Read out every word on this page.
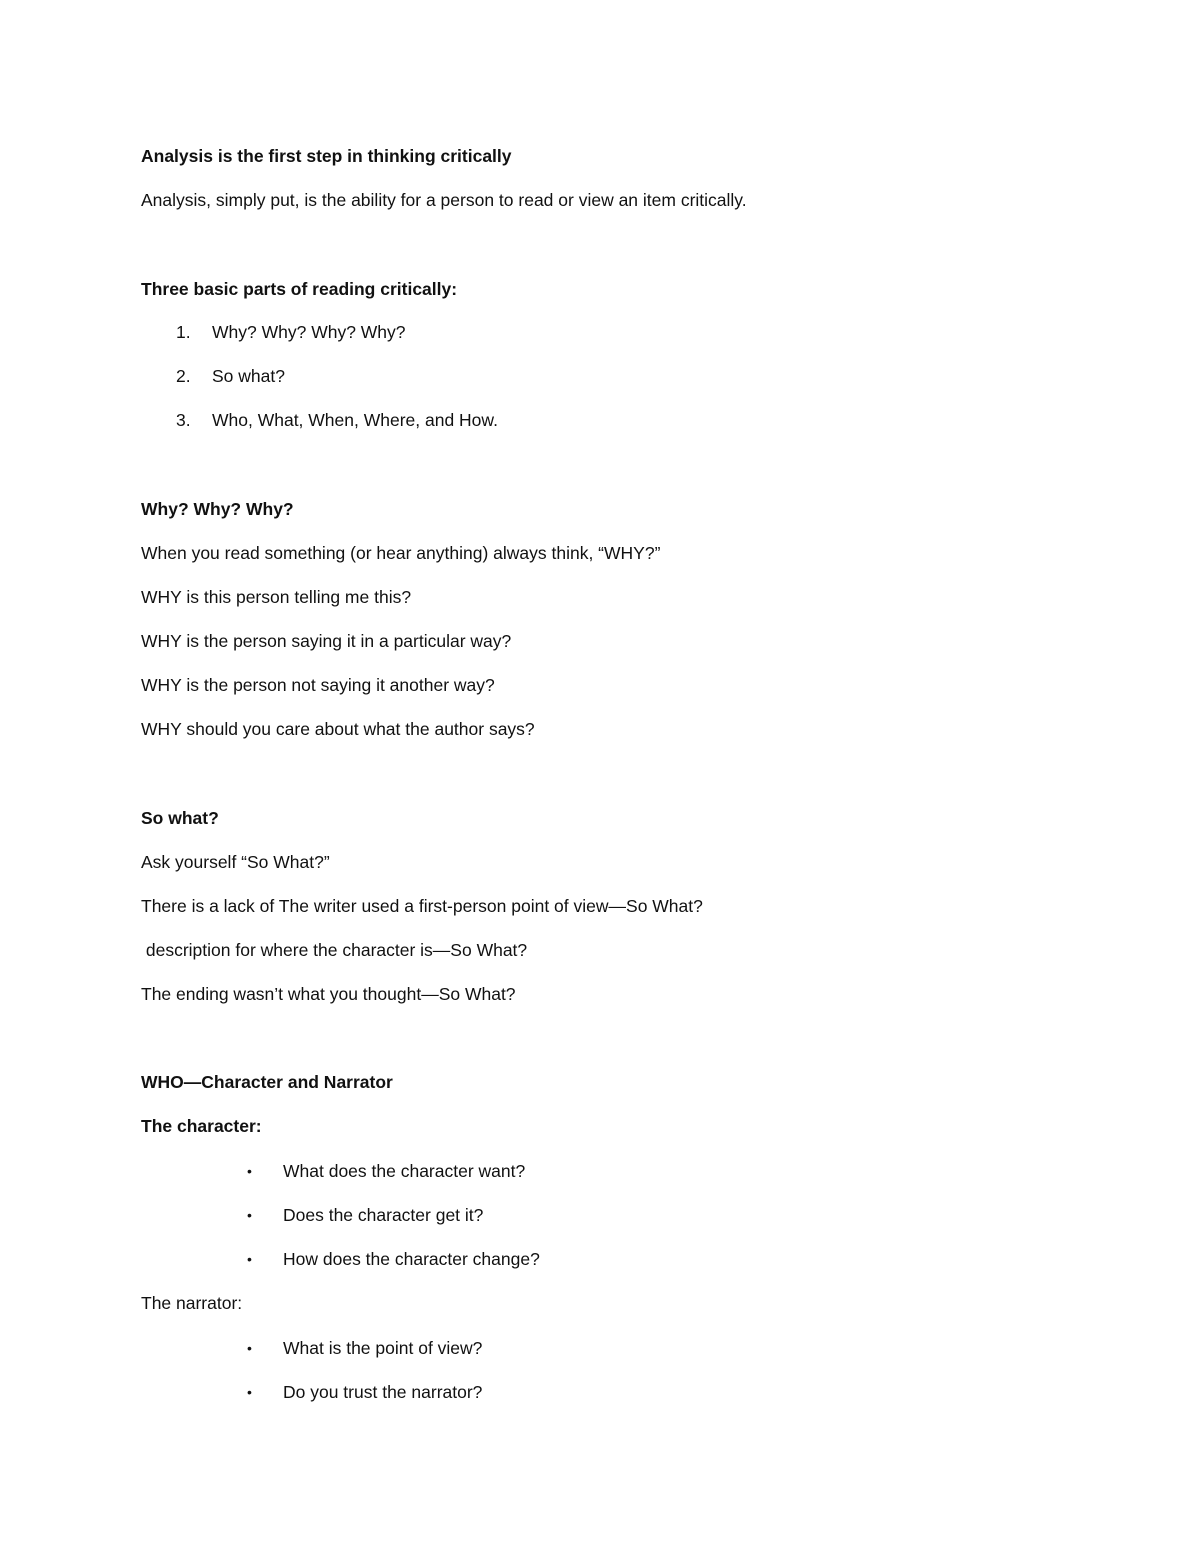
Analysis is the first step in thinking critically

Analysis, simply put, is the ability for a person to read or view an item critically.

Three basic parts of reading critically:

1. Why? Why? Why? Why?

2. So what?

3. Who, What, When, Where, and How.

Why? Why? Why?

When you read something (or hear anything) always think, “WHY?”

WHY is this person telling me this?

WHY is the person saying it in a particular way?

WHY is the person not saying it another way?

WHY should you care about what the author says?

So what?

Ask yourself “So What?”

There is a lack of The writer used a first-person point of view—So What?

description for where the character is—So What?

The ending wasn’t what you thought—So What?

WHO—Character and Narrator

The character:

• What does the character want?

• Does the character get it?

• How does the character change?

The narrator:

• What is the point of view?

• Do you trust the narrator?
